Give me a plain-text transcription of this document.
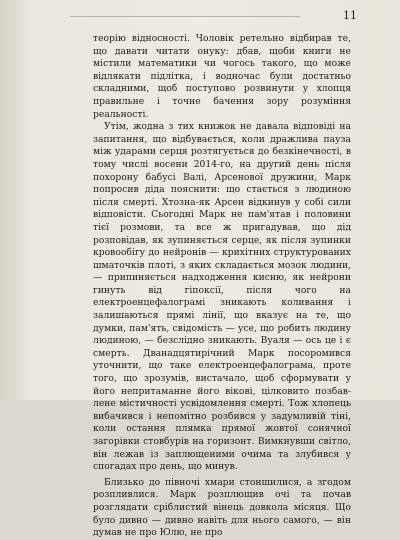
11

теорію відносності. Чоловік ретельно відбирав те, що давати читати онуку: дбав, щоби книги не містили математики чи чогось такого, що може відлякати підлітка, і водночас були достатньо складними, щоб поступово розвинути у хлопця правильне і точне бачення зору розуміння реальності.

Утім, жодна з тих книжок не давала відповіді на запитання, що відбувається, коли дражлива пауза між ударами серця розтягується до безкінечності, в тому числі восени 2014-го, на другий день після похорону бабусі Валі, Арсенової дружини, Марк попросив діда пояснити: що стається з людиною після смерті. Хтозна-як Арсен відкинув у собі сили відповісти. Сьогодні Марк не пам'ятав і половини тієї розмови, та все ж пригадував, що дід розповідав, як зупиняється серце, як після зупинки кровообігу до нейронів — крихітних структурованих шматочків плоті, з яких складається мозок людини, — припиняється надходження кисню, як нейрони гинуть від гіпоксії, після чого на електроенцефалограмі зникають коливання і залишаються прямі лінії, що вказує на те, що думки, пам'ять, свідомість — усе, що робить людину людиною, — безслідно зникають. Вуаля — ось це і є смерть. Дванадцятирічний Марк посоромився уточнити, що таке електроенцефалограма, проте того, що зрозумів, вистачало, щоб сформувати у його непритаманне його вікові, цілковито позбавлене містичності усвідомлення смерті. Тож хлопець вибачився і непомітно розбився у задумливій тіні, коли остання плямка прямої жовтої сонячної загорівки стовбурів на горизонт. Вимкнувши світло, він лежав із заплющеними очима та злубився у спогадах про день, що минув.

Близько до півночі хмари стоншилися, а згодом розпливлися. Марк розплющив очі та почав розглядати сріблистий вінець довкола місяця. Що було дивно — дивно навіть для нього самого, — він думав не про Юлю, не про
